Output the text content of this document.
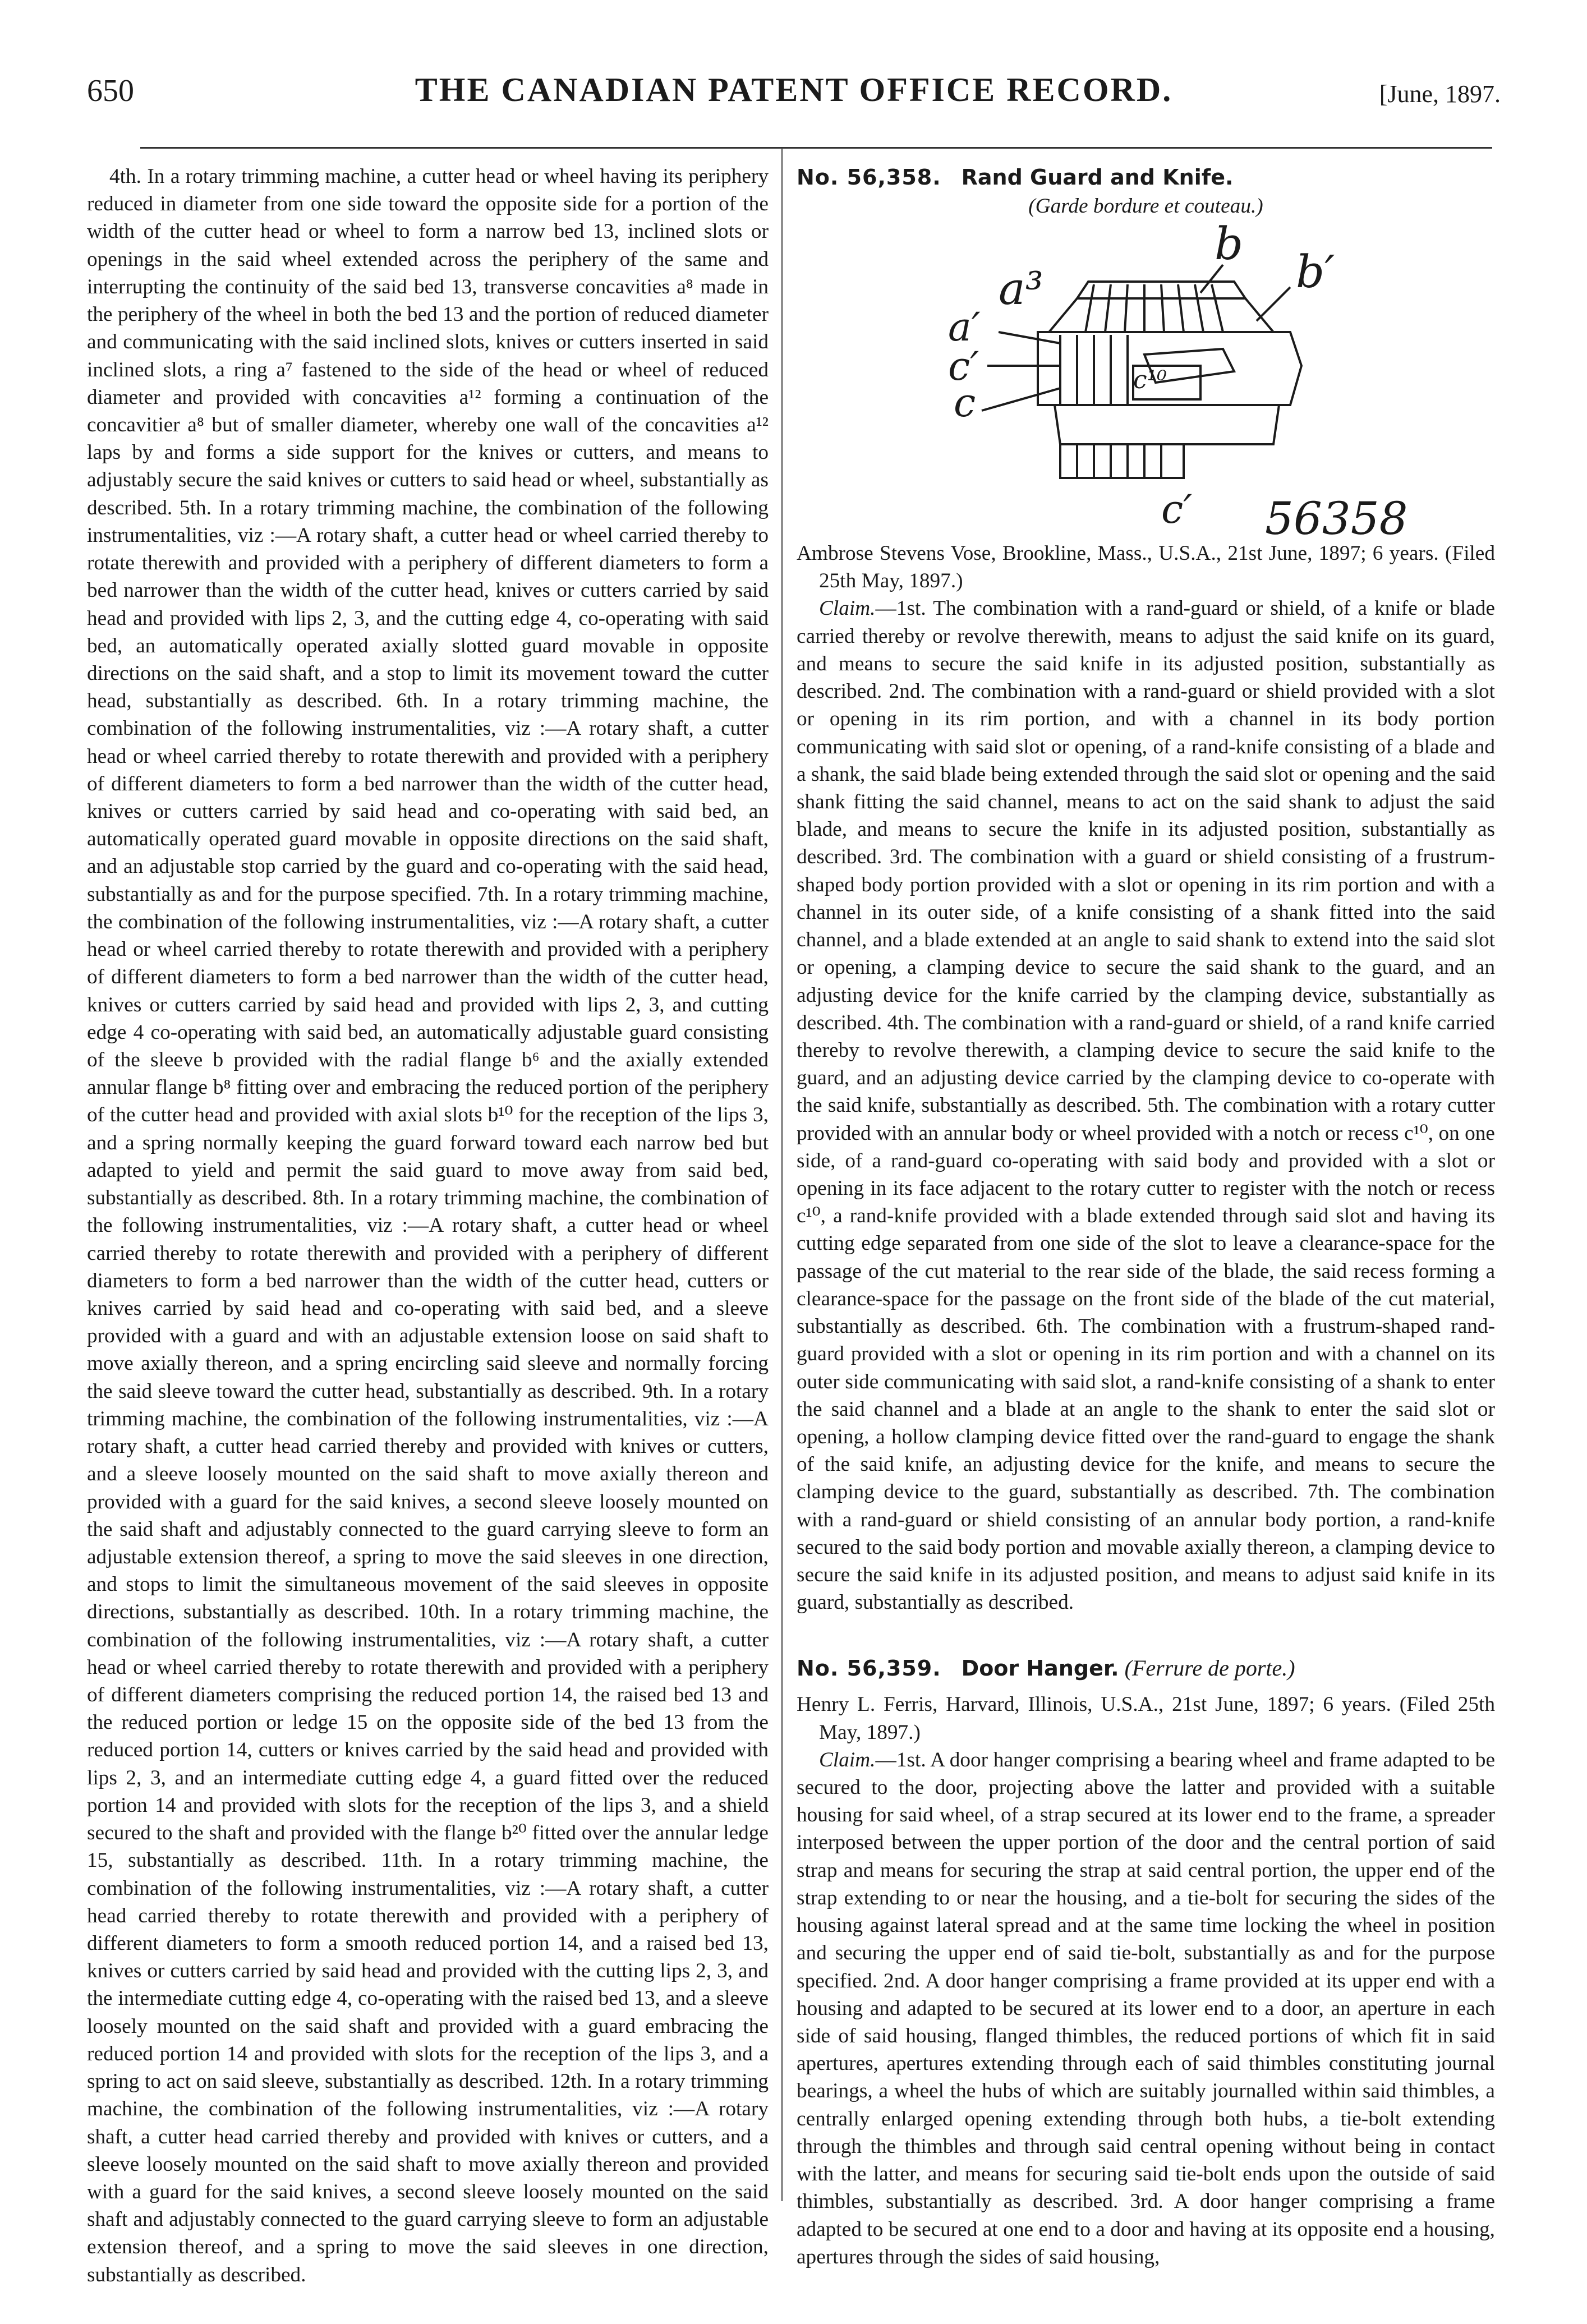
650	THE CANADIAN PATENT OFFICE RECORD.	[June, 1897.

4th. In a rotary trimming machine, a cutter head or wheel having its periphery reduced in diameter from one side toward the opposite side for a portion of the width of the cutter head or wheel to form a narrow bed 13, inclined slots or openings in the said wheel extended across the periphery of the same and interrupting the continuity of the said bed 13, transverse concavities a⁸ made in the periphery of the wheel in both the bed 13 and the portion of reduced diameter and communicating with the said inclined slots, knives or cutters inserted in said inclined slots, a ring a⁷ fastened to the side of the head or wheel of reduced diameter and provided with concavities a¹² forming a continuation of the concavitier a⁸ but of smaller diameter, whereby one wall of the concavities a¹² laps by and forms a side support for the knives or cutters, and means to adjustably secure the said knives or cutters to said head or wheel, substantially as described. 5th. In a rotary trimming machine, the combination of the following instrumentalities, viz :—A rotary shaft, a cutter head or wheel carried thereby to rotate therewith and provided with a periphery of different diameters to form a bed narrower than the width of the cutter head, knives or cutters carried by said head and provided with lips 2, 3, and the cutting edge 4, co-operating with said bed, an automatically operated axially slotted guard movable in opposite directions on the said shaft, and a stop to limit its movement toward the cutter head, substantially as described. 6th. In a rotary trimming machine, the combination of the following instrumentalities, viz :—A rotary shaft, a cutter head or wheel carried thereby to rotate therewith and provided with a periphery of different diameters to form a bed narrower than the width of the cutter head, knives or cutters carried by said head and co-operating with said bed, an automatically operated guard movable in opposite directions on the said shaft, and an adjustable stop carried by the guard and co-operating with the said head, substantially as and for the purpose specified. 7th. In a rotary trimming machine, the combination of the following instrumentalities, viz :—A rotary shaft, a cutter head or wheel carried thereby to rotate therewith and provided with a periphery of different diameters to form a bed narrower than the width of the cutter head, knives or cutters carried by said head and provided with lips 2, 3, and cutting edge 4 co-operating with said bed, an automatically adjustable guard consisting of the sleeve b provided with the radial flange b⁶ and the axially extended annular flange b⁸ fitting over and embracing the reduced portion of the periphery of the cutter head and provided with axial slots b¹⁰ for the reception of the lips 3, and a spring normally keeping the guard forward toward each narrow bed but adapted to yield and permit the said guard to move away from said bed, substantially as described. 8th. In a rotary trimming machine, the combination of the following instrumentalities, viz :—A rotary shaft, a cutter head or wheel carried thereby to rotate therewith and provided with a periphery of different diameters to form a bed narrower than the width of the cutter head, cutters or knives carried by said head and co-operating with said bed, and a sleeve provided with a guard and with an adjustable extension loose on said shaft to move axially thereon, and a spring encircling said sleeve and normally forcing the said sleeve toward the cutter head, substantially as described. 9th. In a rotary trimming machine, the combination of the following instrumentalities, viz :—A rotary shaft, a cutter head carried thereby and provided with knives or cutters, and a sleeve loosely mounted on the said shaft to move axially thereon and provided with a guard for the said knives, a second sleeve loosely mounted on the said shaft and adjustably connected to the guard carrying sleeve to form an adjustable extension thereof, a spring to move the said sleeves in one direction, and stops to limit the simultaneous movement of the said sleeves in opposite directions, substantially as described. 10th. In a rotary trimming machine, the combination of the following instrumentalities, viz :—A rotary shaft, a cutter head or wheel carried thereby to rotate therewith and provided with a periphery of different diameters comprising the reduced portion 14, the raised bed 13 and the reduced portion or ledge 15 on the opposite side of the bed 13 from the reduced portion 14, cutters or knives carried by the said head and provided with lips 2, 3, and an intermediate cutting edge 4, a guard fitted over the reduced portion 14 and provided with slots for the reception of the lips 3, and a shield secured to the shaft and provided with the flange b²⁰ fitted over the annular ledge 15, substantially as described. 11th. In a rotary trimming machine, the combination of the following instrumentalities, viz :—A rotary shaft, a cutter head carried thereby to rotate therewith and provided with a periphery of different diameters to form a smooth reduced portion 14, and a raised bed 13, knives or cutters carried by said head and provided with the cutting lips 2, 3, and the intermediate cutting edge 4, co-operating with the raised bed 13, and a sleeve loosely mounted on the said shaft and provided with a guard embracing the reduced portion 14 and provided with slots for the reception of the lips 3, and a spring to act on said sleeve, substantially as described. 12th. In a rotary trimming machine, the combination of the following instrumentalities, viz :—A rotary shaft, a cutter head carried thereby and provided with knives or cutters, and a sleeve loosely mounted on the said shaft to move axially thereon and provided with a guard for the said knives, a second sleeve loosely mounted on the said shaft and adjustably connected to the guard carrying sleeve to form an adjustable extension thereof, and a spring to move the said sleeves in one direction, substantially as described.

No. 56,358. Rand Guard and Knife.

(Garde bordure et couteau.)

a³
b
b′
a′
c′	c¹⁰
c
c′ 56358

Ambrose Stevens Vose, Brookline, Mass., U.S.A., 21st June, 1897; 6 years. (Filed 25th May, 1897.)

Claim.—1st. The combination with a rand-guard or shield, of a knife or blade carried thereby or revolve therewith, means to adjust the said knife on its guard, and means to secure the said knife in its adjusted position, substantially as described. 2nd. The combination with a rand-guard or shield provided with a slot or opening in its rim portion, and with a channel in its body portion communicating with said slot or opening, of a rand-knife consisting of a blade and a shank, the said blade being extended through the said slot or opening and the said shank fitting the said channel, means to act on the said shank to adjust the said blade, and means to secure the knife in its adjusted position, substantially as described. 3rd. The combination with a guard or shield consisting of a frustrum-shaped body portion provided with a slot or opening in its rim portion and with a channel in its outer side, of a knife consisting of a shank fitted into the said channel, and a blade extended at an angle to said shank to extend into the said slot or opening, a clamping device to secure the said shank to the guard, and an adjusting device for the knife carried by the clamping device, substantially as described. 4th. The combination with a rand-guard or shield, of a rand knife carried thereby to revolve therewith, a clamping device to secure the said knife to the guard, and an adjusting device carried by the clamping device to co-operate with the said knife, substantially as described. 5th. The combination with a rotary cutter provided with an annular body or wheel provided with a notch or recess c¹⁰, on one side, of a rand-guard co-operating with said body and provided with a slot or opening in its face adjacent to the rotary cutter to register with the notch or recess c¹⁰, a rand-knife provided with a blade extended through said slot and having its cutting edge separated from one side of the slot to leave a clearance-space for the passage of the cut material to the rear side of the blade, the said recess forming a clearance-space for the passage on the front side of the blade of the cut material, substantially as described. 6th. The combination with a frustrum-shaped rand-guard provided with a slot or opening in its rim portion and with a channel on its outer side communicating with said slot, a rand-knife consisting of a shank to enter the said channel and a blade at an angle to the shank to enter the said slot or opening, a hollow clamping device fitted over the rand-guard to engage the shank of the said knife, an adjusting device for the knife, and means to secure the clamping device to the guard, substantially as described. 7th. The combination with a rand-guard or shield consisting of an annular body portion, a rand-knife secured to the said body portion and movable axially thereon, a clamping device to secure the said knife in its adjusted position, and means to adjust said knife in its guard, substantially as described.

No. 56,359. Door Hanger. (Ferrure de porte.)

Henry L. Ferris, Harvard, Illinois, U.S.A., 21st June, 1897; 6 years. (Filed 25th May, 1897.)

Claim.—1st. A door hanger comprising a bearing wheel and frame adapted to be secured to the door, projecting above the latter and provided with a suitable housing for said wheel, of a strap secured at its lower end to the frame, a spreader interposed between the upper portion of the door and the central portion of said strap and means for securing the strap at said central portion, the upper end of the strap extending to or near the housing, and a tie-bolt for securing the sides of the housing against lateral spread and at the same time locking the wheel in position and securing the upper end of said tie-bolt, substantially as and for the purpose specified. 2nd. A door hanger comprising a frame provided at its upper end with a housing and adapted to be secured at its lower end to a door, an aperture in each side of said housing, flanged thimbles, the reduced portions of which fit in said apertures, apertures extending through each of said thimbles constituting journal bearings, a wheel the hubs of which are suitably journalled within said thimbles, a centrally enlarged opening extending through both hubs, a tie-bolt extending through the thimbles and through said central opening without being in contact with the latter, and means for securing said tie-bolt ends upon the outside of said thimbles, substantially as described. 3rd. A door hanger comprising a frame adapted to be secured at one end to a door and having at its opposite end a housing, apertures through the sides of said housing,
